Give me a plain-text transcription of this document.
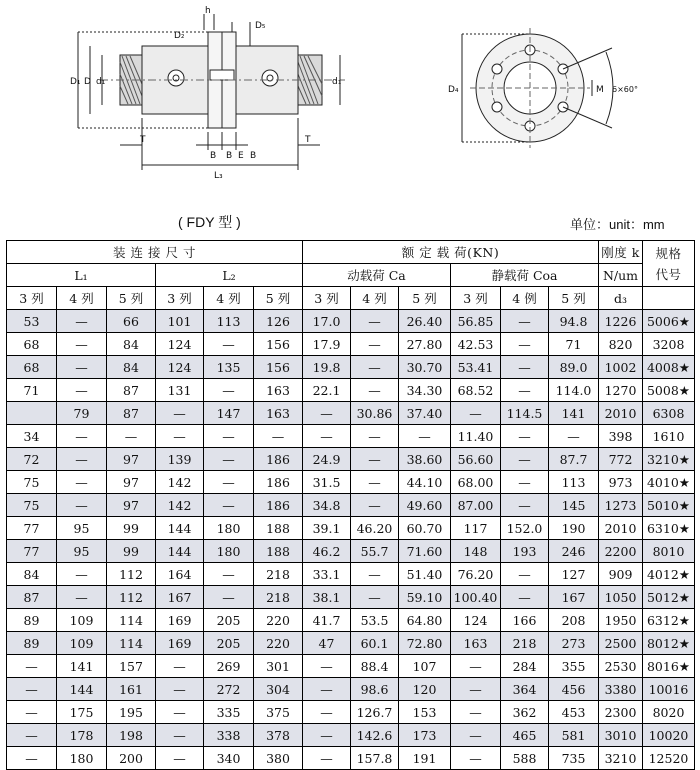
h
D₂
D₁
D₅
D d₁	d₁
B B E B
T
L₃
T
D₄	M 6×60°
( FDY 型 )	单位：unit：mm
装 连 接 尺 寸						额 定 载 荷(KN)						刚度 k	规格
代号

L₁			L₂			动载荷 Ca			静载荷 Coa			N/um	
3 列	4 列	5 列	3 列	4 列	5 列	3 列	4 列	5 列	3 列	4 例	5 列	d₃	
53	—	66	101	113	126	17.0	—	26.40	56.85	—	94.8	1226	5006★
68	—	84	124	—	156	17.9	—	27.80	42.53	—	71	820	3208
68	—	84	124	135	156	19.8	—	30.70	53.41	—	89.0	1002	4008★
71	—	87	131	—	163	22.1	—	34.30	68.52	—	114.0	1270	5008★
	79	87	—	147	163	—	30.86	37.40	—	114.5	141	2010	6308
34	—	—	—	—	—	—	—	—	11.40	—	—	398	1610
72	—	97	139	—	186	24.9	—	38.60	56.60	—	87.7	772	3210★
75	—	97	142	—	186	31.5	—	44.10	68.00	—	113	973	4010★
75	—	97	142	—	186	34.8	—	49.60	87.00	—	145	1273	5010★
77	95	99	144	180	188	39.1	46.20	60.70	117	152.0	190	2010	6310★
77	95	99	144	180	188	46.2	55.7	71.60	148	193	246	2200	8010
84	—	112	164	—	218	33.1	—	51.40	76.20	—	127	909	4012★
87	—	112	167	—	218	38.1	—	59.10	100.40	—	167	1050	5012★
89	109	114	169	205	220	41.7	53.5	64.80	124	166	208	1950	6312★
89	109	114	169	205	220	47	60.1	72.80	163	218	273	2500	8012★
—	141	157	—	269	301	—	88.4	107	—	284	355	2530	8016★
—	144	161	—	272	304	—	98.6	120	—	364	456	3380	10016
—	175	195	—	335	375	—	126.7	153	—	362	453	2300	8020
—	178	198	—	338	378	—	142.6	173	—	465	581	3010	10020
—	180	200	—	340	380	—	157.8	191	—	588	735	3210	12520
